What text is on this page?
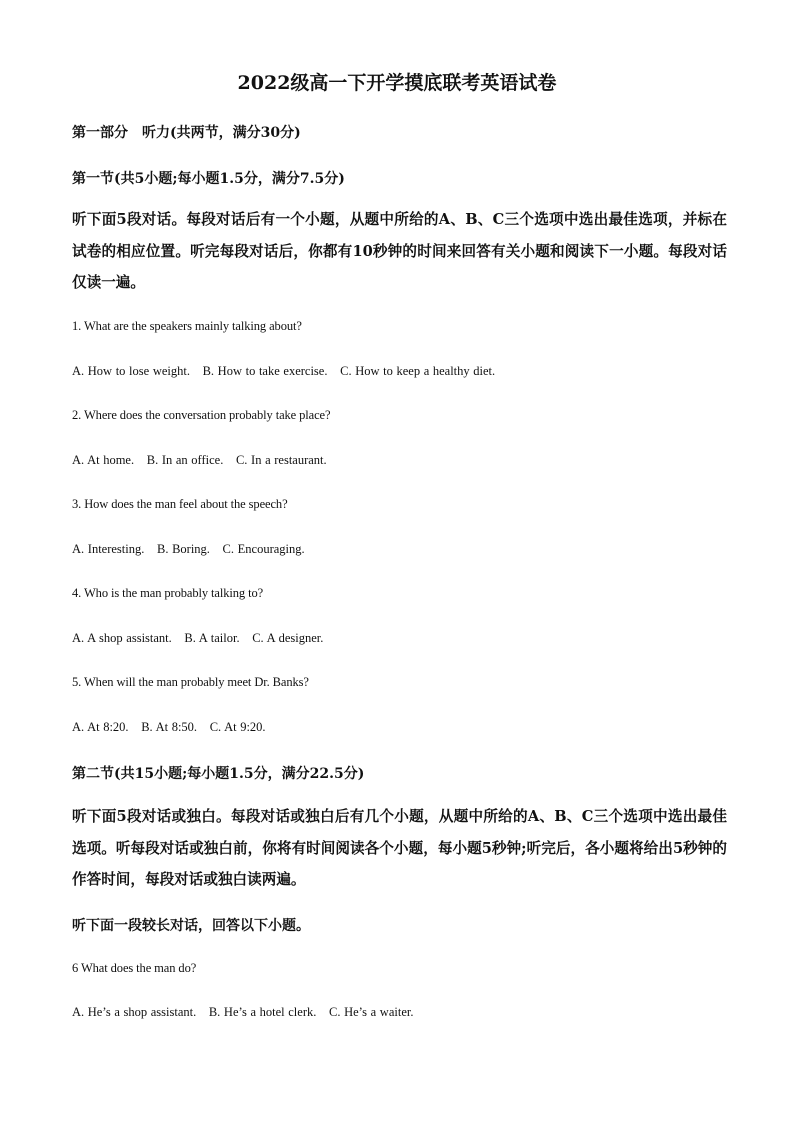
2022级高一下开学摸底联考英语试卷
第一部分　听力(共两节，满分30分)
第一节(共5小题;每小题1.5分，满分7.5分)
听下面5段对话。每段对话后有一个小题，从题中所给的A、B、C三个选项中选出最佳选项，并标在试卷的相应位置。听完每段对话后，你都有10秒钟的时间来回答有关小题和阅读下一小题。每段对话仅读一遍。
1. What are the speakers mainly talking about?
A. How to lose weight. B. How to take exercise. C. How to keep a healthy diet.
2. Where does the conversation probably take place?
A. At home. B. In an office. C. In a restaurant.
3. How does the man feel about the speech?
A. Interesting. B. Boring. C. Encouraging.
4. Who is the man probably talking to?
A. A shop assistant. B. A tailor. C. A designer.
5. When will the man probably meet Dr. Banks?
A. At 8:20. B. At 8:50. C. At 9:20.
第二节(共15小题;每小题1.5分，满分22.5分)
听下面5段对话或独白。每段对话或独白后有几个小题，从题中所给的A、B、C三个选项中选出最佳选项。听每段对话或独白前，你将有时间阅读各个小题，每小题5秒钟;听完后，各小题将给出5秒钟的作答时间，每段对话或独白读两遍。
听下面一段较长对话，回答以下小题。
6 What does the man do?
A. He’s a shop assistant. B. He’s a hotel clerk. C. He’s a waiter.
